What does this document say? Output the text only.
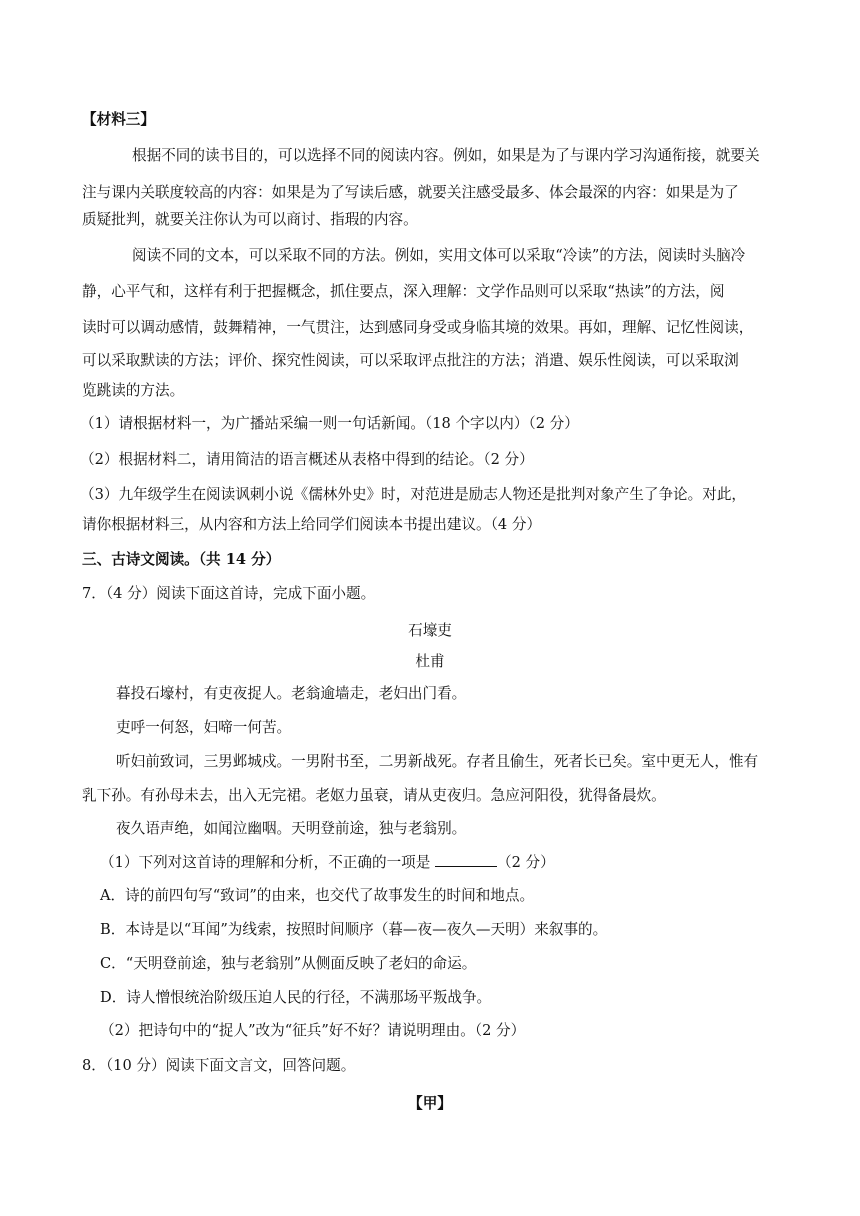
【材料三】
根据不同的读书目的，可以选择不同的阅读内容。例如，如果是为了与课内学习沟通衔接，就要关
注与课内关联度较高的内容：如果是为了写读后感，就要关注感受最多、体会最深的内容：如果是为了
质疑批判，就要关注你认为可以商讨、指瑕的内容。
阅读不同的文本，可以采取不同的方法。例如，实用文体可以采取“冷读”的方法，阅读时头脑冷
静，心平气和，这样有利于把握概念，抓住要点，深入理解：文学作品则可以采取“热读”的方法，阅
读时可以调动感情，鼓舞精神，一气贯注，达到感同身受或身临其境的效果。再如，理解、记忆性阅读，
可以采取默读的方法；评价、探究性阅读，可以采取评点批注的方法；消遣、娱乐性阅读，可以采取浏
览跳读的方法。
（1）请根据材料一，为广播站采编一则一句话新闻。（18 个字以内）（2 分）
（2）根据材料二，请用简洁的语言概述从表格中得到的结论。（2 分）
（3）九年级学生在阅读讽刺小说《儒林外史》时，对范进是励志人物还是批判对象产生了争论。对此，
请你根据材料三，从内容和方法上给同学们阅读本书提出建议。（4 分）
三、古诗文阅读。（共 14 分）
7．（4 分）阅读下面这首诗，完成下面小题。
石壕吏
杜甫
暮投石壕村，有吏夜捉人。老翁逾墙走，老妇出门看。
吏呼一何怒，妇啼一何苦。
听妇前致词，三男邺城戍。一男附书至，二男新战死。存者且偷生，死者长已矣。室中更无人，惟有
乳下孙。有孙母未去，出入无完裙。老妪力虽衰，请从吏夜归。急应河阳役，犹得备晨炊。
夜久语声绝，如闻泣幽咽。天明登前途，独与老翁别。
（1）下列对这首诗的理解和分析，不正确的一项是	（2 分）
A．诗的前四句写“致词”的由来，也交代了故事发生的时间和地点。
B．本诗是以“耳闻”为线索，按照时间顺序（暮—夜—夜久—天明）来叙事的。
C．“天明登前途，独与老翁别”从侧面反映了老妇的命运。
D．诗人憎恨统治阶级压迫人民的行径，不满那场平叛战争。
（2）把诗句中的“捉人”改为“征兵”好不好？请说明理由。（2 分）
8．（10 分）阅读下面文言文，回答问题。
【甲】
